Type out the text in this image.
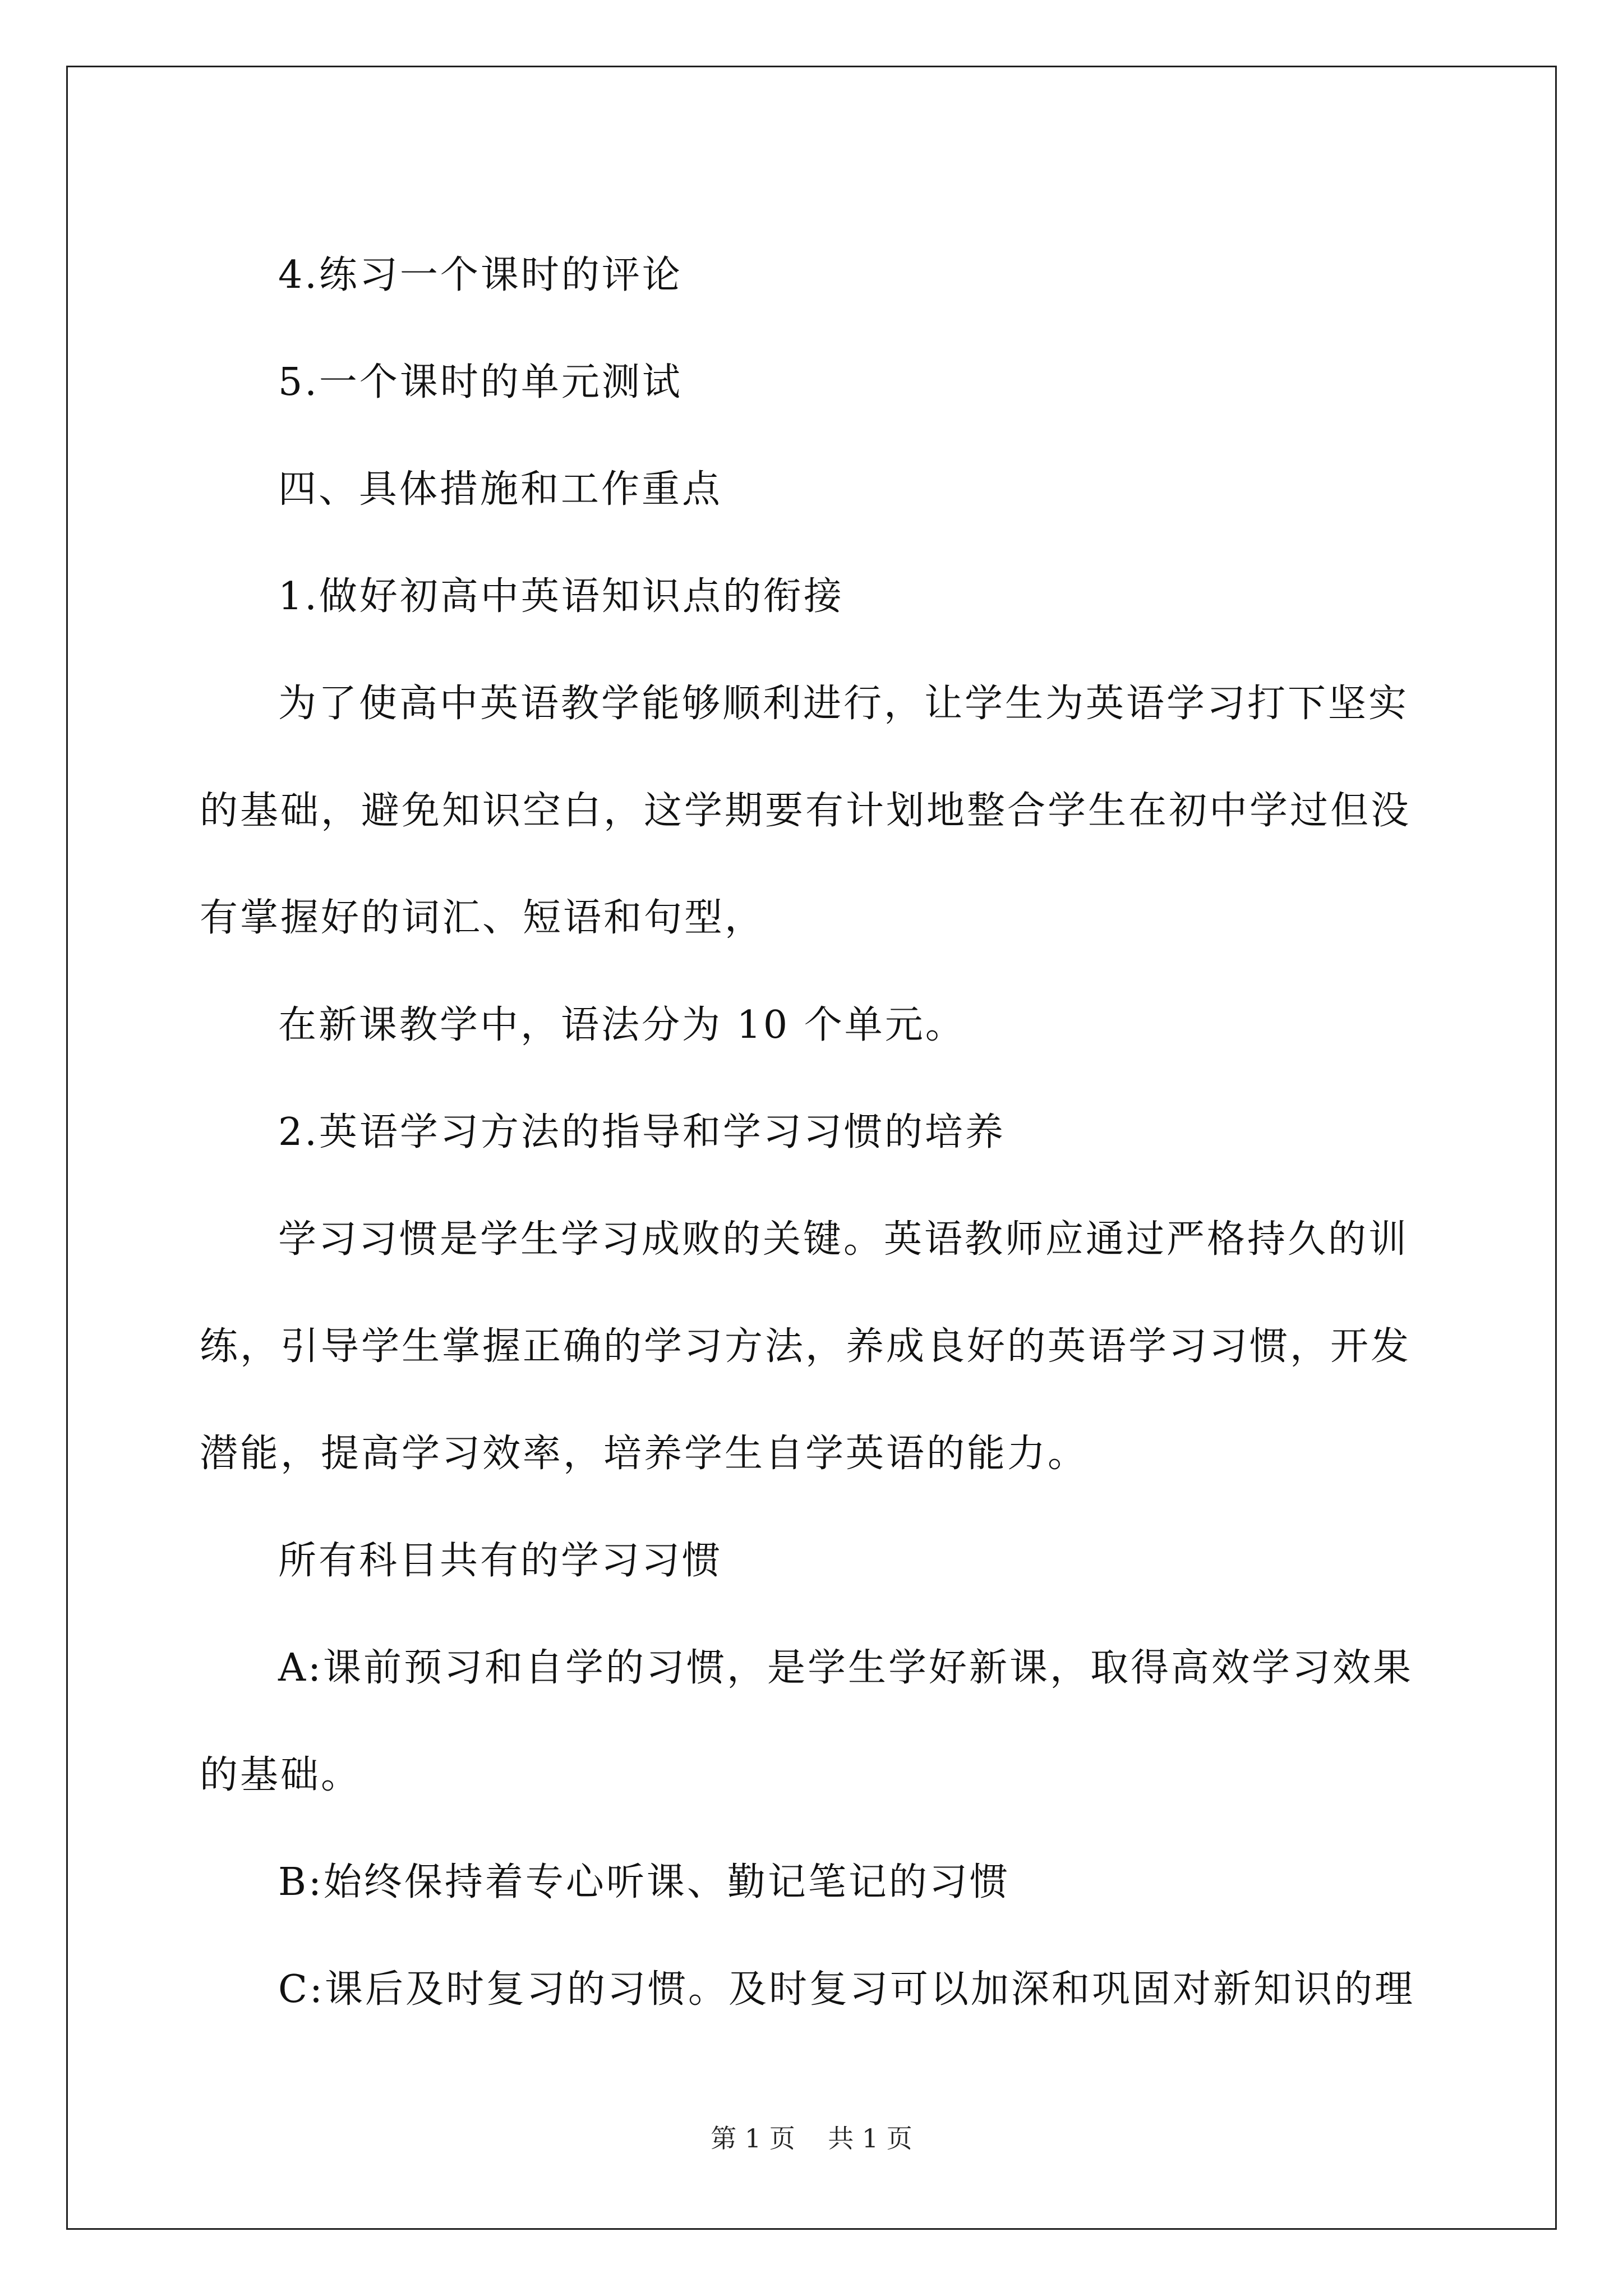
4.练习一个课时的评论

5.一个课时的单元测试

四、具体措施和工作重点

1.做好初高中英语知识点的衔接

为了使高中英语教学能够顺利进行，让学生为英语学习打下坚实

的基础，避免知识空白，这学期要有计划地整合学生在初中学过但没

有掌握好的词汇、短语和句型，

在新课教学中，语法分为 10 个单元。

2.英语学习方法的指导和学习习惯的培养

学习习惯是学生学习成败的关键。英语教师应通过严格持久的训

练，引导学生掌握正确的学习方法，养成良好的英语学习习惯，开发

潜能，提高学习效率，培养学生自学英语的能力。

所有科目共有的学习习惯

A:课前预习和自学的习惯，是学生学好新课，取得高效学习效果

的基础。

B:始终保持着专心听课、勤记笔记的习惯

C:课后及时复习的习惯。及时复习可以加深和巩固对新知识的理

第 1 页 共 1 页
